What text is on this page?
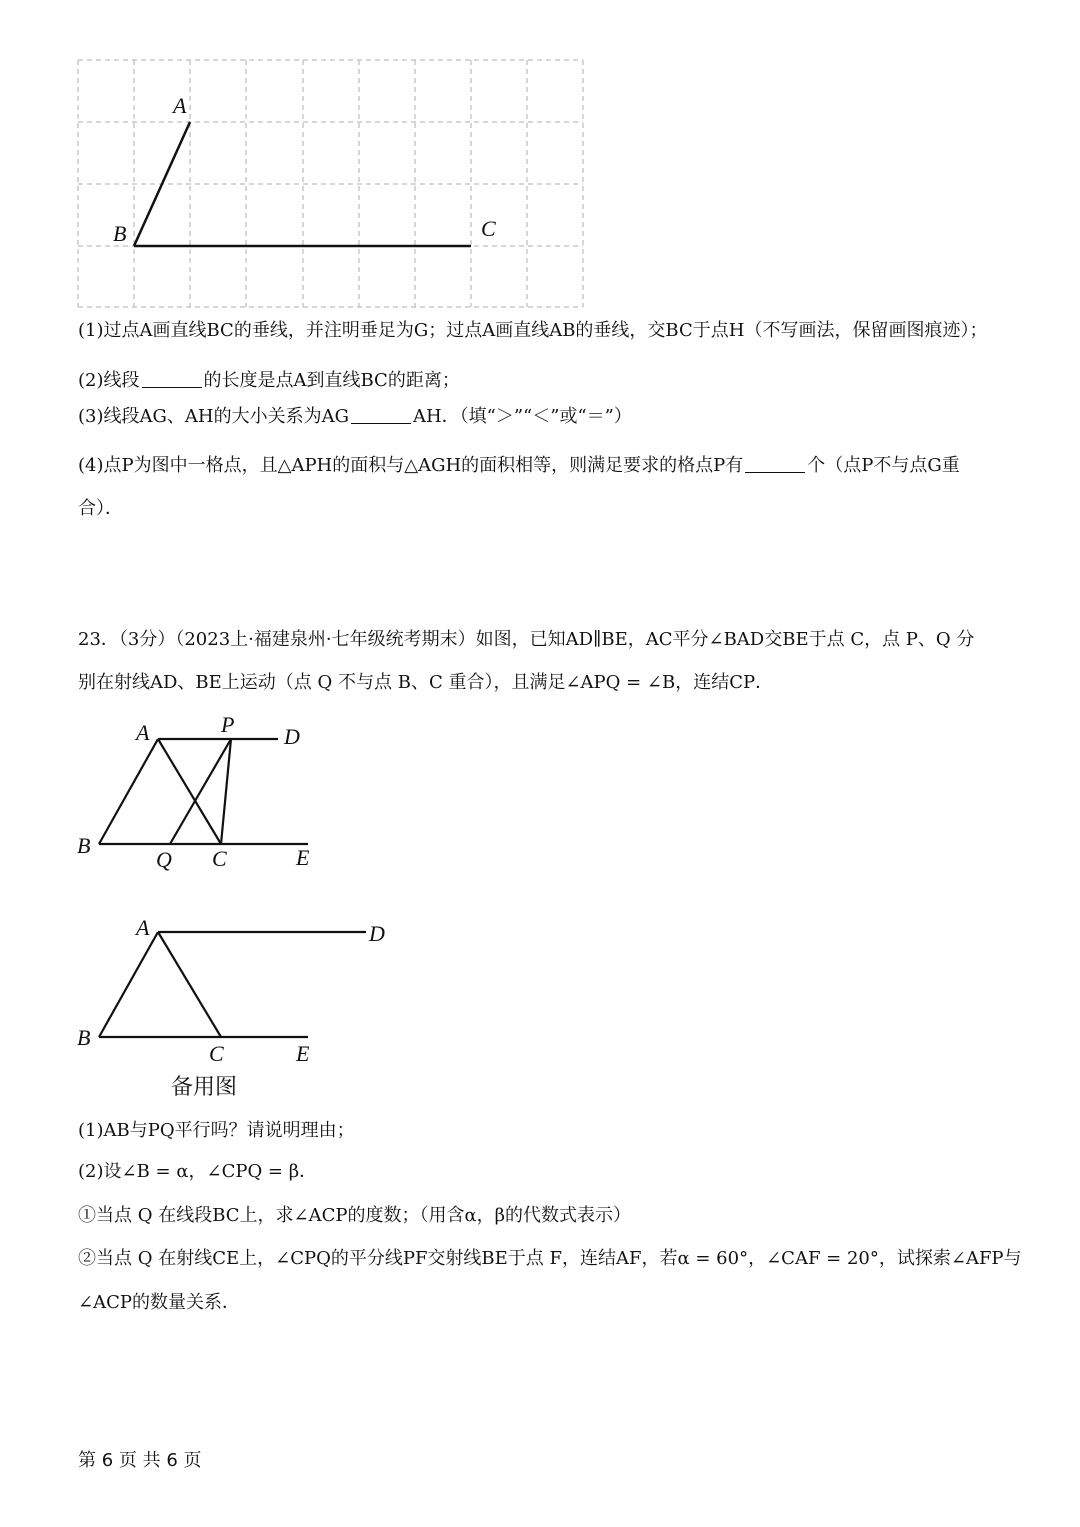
A
B	C
(1)过点A画直线BC的垂线，并注明垂足为G；过点A画直线AB的垂线，交BC于点H（不写画法，保留画图痕迹）；
(2)线段	的长度是点A到直线BC的距离；
(3)线段AG、AH的大小关系为AG	AH．（填“＞”“＜”或“＝”）
(4)点P为图中一格点，且△APH的面积与△AGH的面积相等，则满足要求的格点P有	个（点P不与点G重
合）．
23．（3分）（2023上·福建泉州·七年级统考期末）如图，已知AD∥BE，AC平分∠BAD交BE于点 C，点 P、Q 分
别在射线AD、BE上运动（点 Q 不与点 B、C 重合），且满足∠APQ = ∠B，连结CP．
A	P D
B
Q C	E
A	D
B
C	E
备用图
(1)AB与PQ平行吗？请说明理由；
(2)设∠B = α，∠CPQ = β．
①当点 Q 在线段BC上，求∠ACP的度数；（用含α，β的代数式表示）
②当点 Q 在射线CE上，∠CPQ的平分线PF交射线BE于点 F，连结AF，若α = 60°，∠CAF = 20°，试探索∠AFP与
∠ACP的数量关系．
第 6 页 共 6 页
